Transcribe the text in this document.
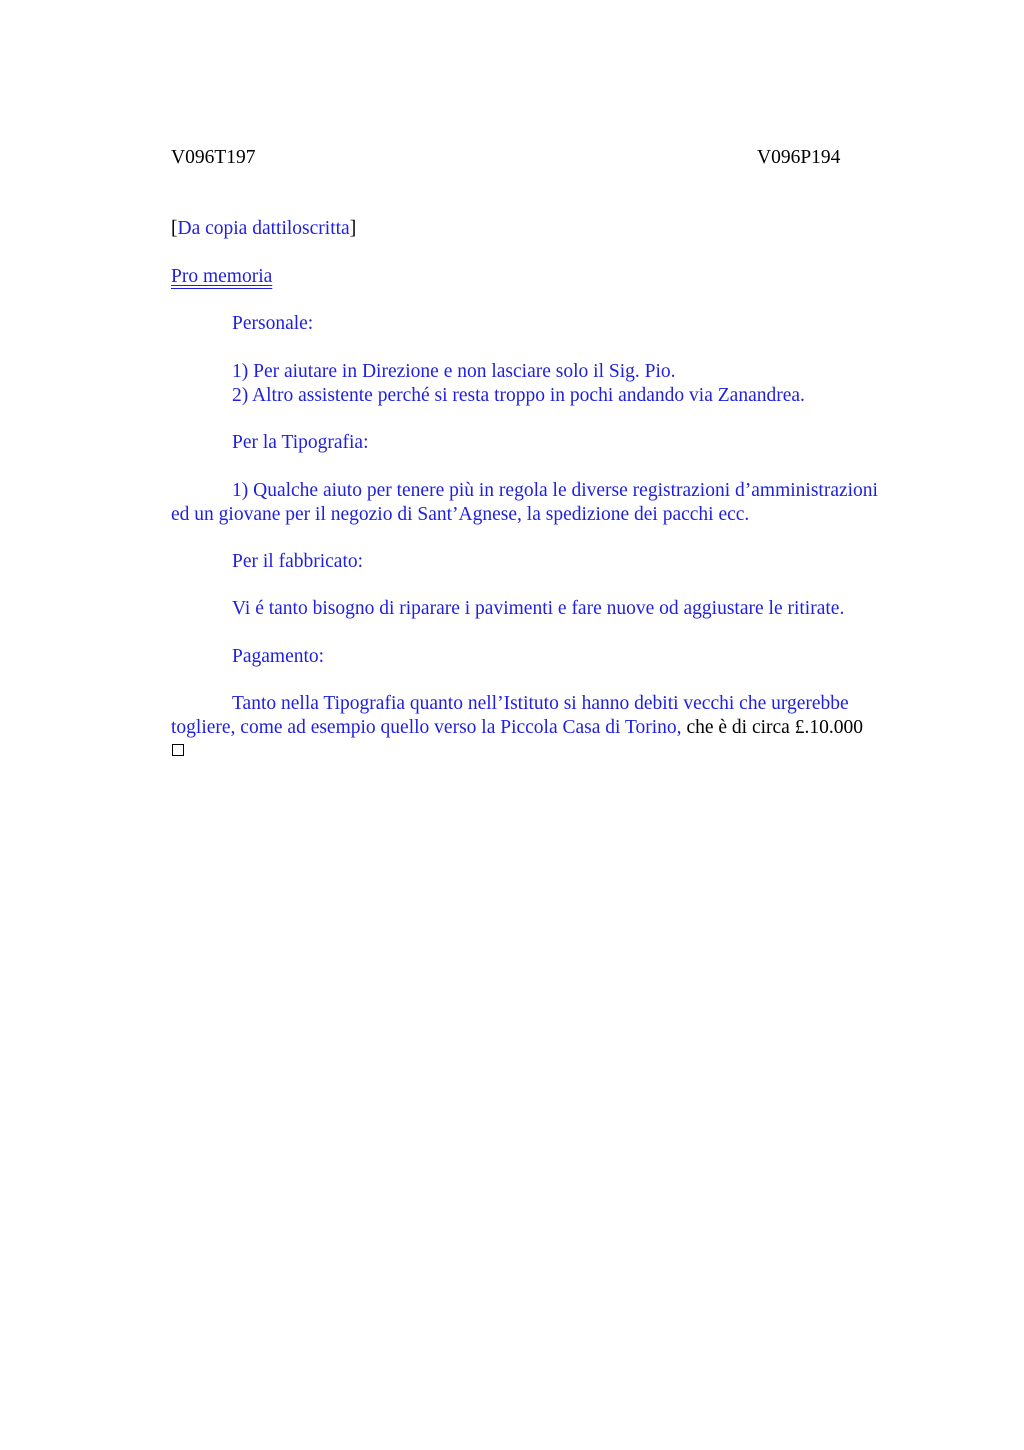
V096T197	V096P194
[Da copia dattiloscritta]
Pro memoria
Personale:
1) Per aiutare in Direzione e non lasciare solo il Sig. Pio.
2) Altro assistente perché si resta troppo in pochi andando via Zanandrea.
Per la Tipografia:
1) Qualche aiuto per tenere più in regola le diverse registrazioni d’amministrazioni
ed un giovane per il negozio di Sant’Agnese, la spedizione dei pacchi ecc.
Per il fabbricato:
Vi é tanto bisogno di riparare i pavimenti e fare nuove od aggiustare le ritirate.
Pagamento:
Tanto nella Tipografia quanto nell’Istituto si hanno debiti vecchi che urgerebbe
togliere, come ad esempio quello verso la Piccola Casa di Torino, che è di circa £.10.000
